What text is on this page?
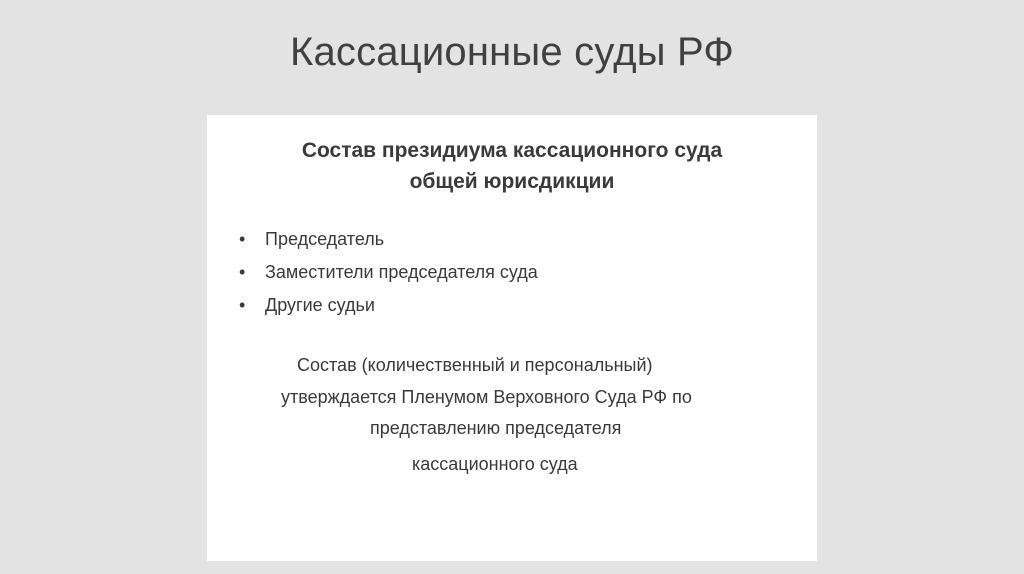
Кассационные суды РФ
Состав президиума кассационного суда
общей юрисдикции
• Председатель
• Заместители председателя суда
• Другие судьи
Состав (количественный и персональный)
утверждается Пленумом Верховного Суда РФ по
представлению председателя
кассационного суда
